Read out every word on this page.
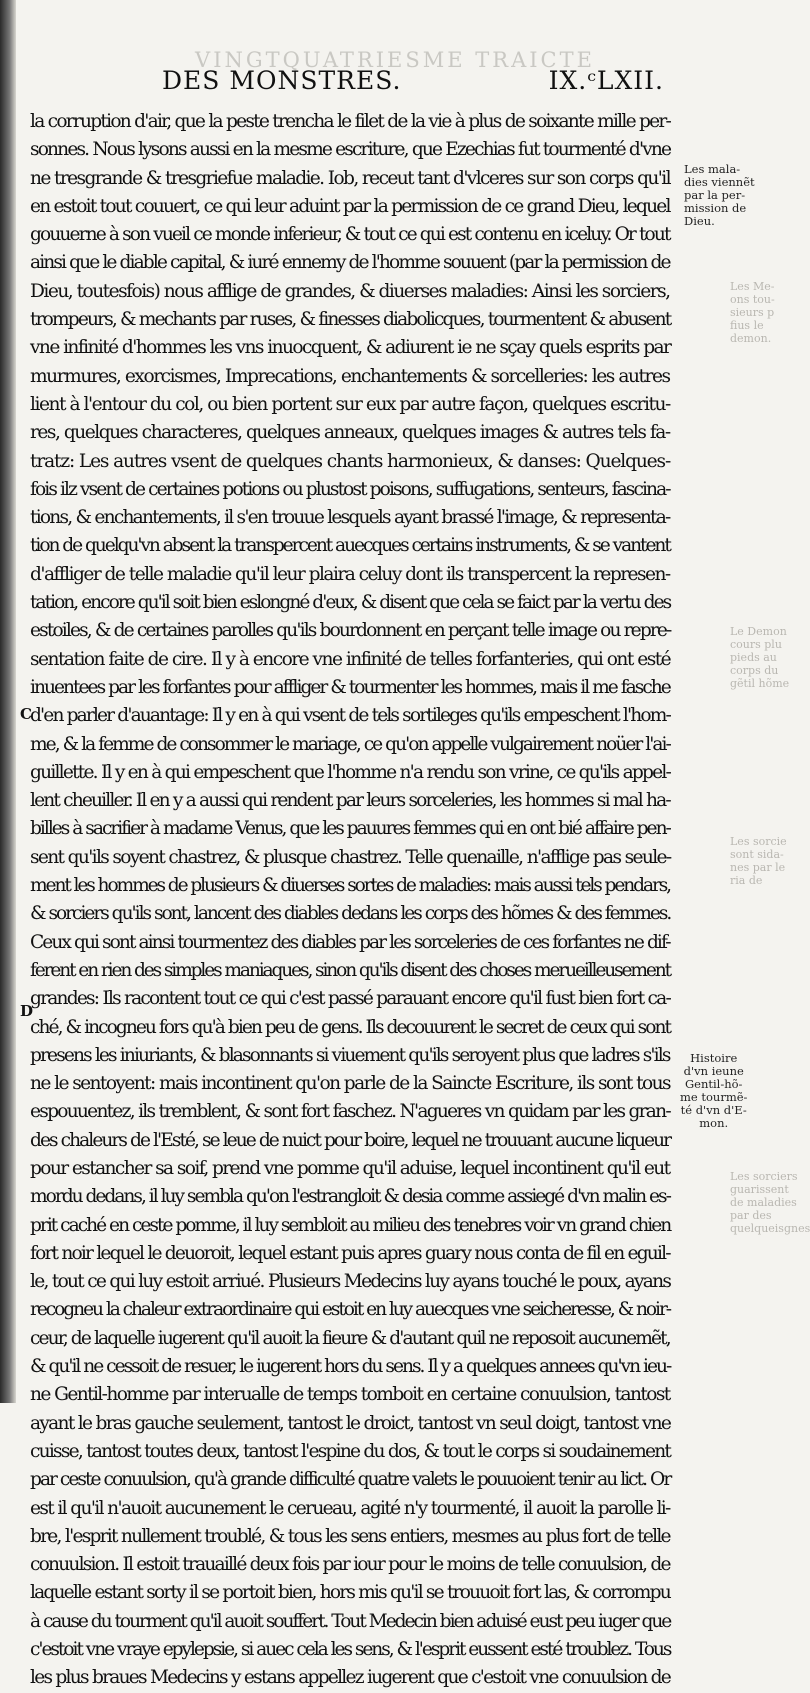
VINGTQUATRIESME TRAICTE
DES MONSTRES.	IX.ᶜLXII.
C
D
la corruption d'air, que la peste trencha le filet de la vie à plus de soixante mille per-
sonnes. Nous lysons aussi en la mesme escriture, que Ezechias fut tourmenté d'vne
ne tresgrande & tresgriefue maladie. Iob, receut tant d'vlceres sur son corps qu'il
en estoit tout couuert, ce qui leur aduint par la permission de ce grand Dieu, lequel
gouuerne à son vueil ce monde inferieur, & tout ce qui est contenu en iceluy. Or tout
ainsi que le diable capital, & iuré ennemy de l'homme souuent (par la permission de
Dieu, toutesfois) nous afflige de grandes, & diuerses maladies: Ainsi les sorciers,
trompeurs, & mechants par ruses, & finesses diabolicques, tourmentent & abusent
vne infinité d'hommes les vns inuocquent, & adiurent ie ne sçay quels esprits par
murmures, exorcismes, Imprecations, enchantements & sorcelleries: les autres
lient à l'entour du col, ou bien portent sur eux par autre façon, quelques escritu-
res, quelques characteres, quelques anneaux, quelques images & autres tels fa-
tratz: Les autres vsent de quelques chants harmonieux, & danses: Quelques-
fois ilz vsent de certaines potions ou plustost poisons, suffugations, senteurs, fascina-
tions, & enchantements, il s'en trouue lesquels ayant brassé l'image, & representa-
tion de quelqu'vn absent la transpercent auecques certains instruments, & se vantent
d'affliger de telle maladie qu'il leur plaira celuy dont ils transpercent la represen-
tation, encore qu'il soit bien eslongné d'eux, & disent que cela se faict par la vertu des
estoiles, & de certaines parolles qu'ils bourdonnent en perçant telle image ou repre-
sentation faite de cire. Il y à encore vne infinité de telles forfanteries, qui ont esté
inuentees par les forfantes pour affliger & tourmenter les hommes, mais il me fasche
d'en parler d'auantage: Il y en à qui vsent de tels sortileges qu'ils empeschent l'hom-
me, & la femme de consommer le mariage, ce qu'on appelle vulgairement noüer l'ai-
guillette. Il y en à qui empeschent que l'homme n'a rendu son vrine, ce qu'ils appel-
lent cheuiller. Il en y a aussi qui rendent par leurs sorceleries, les hommes si mal ha-
billes à sacrifier à madame Venus, que les pauures femmes qui en ont bié affaire pen-
sent qu'ils soyent chastrez, & plusque chastrez. Telle quenaille, n'afflige pas seule-
ment les hommes de plusieurs & diuerses sortes de maladies: mais aussi tels pendars,
& sorciers qu'ils sont, lancent des diables dedans les corps des hõmes & des femmes.
Ceux qui sont ainsi tourmentez des diables par les sorceleries de ces forfantes ne dif-
ferent en rien des simples maniaques, sinon qu'ils disent des choses merueilleusement
grandes: Ils racontent tout ce qui c'est passé parauant encore qu'il fust bien fort ca-
ché, & incogneu fors qu'à bien peu de gens. Ils decouurent le secret de ceux qui sont
presens les iniuriants, & blasonnants si viuement qu'ils seroyent plus que ladres s'ils
ne le sentoyent: mais incontinent qu'on parle de la Saincte Escriture, ils sont tous
espouuentez, ils tremblent, & sont fort faschez. N'agueres vn quidam par les gran-
des chaleurs de l'Esté, se leue de nuict pour boire, lequel ne trouuant aucune liqueur
pour estancher sa soif, prend vne pomme qu'il aduise, lequel incontinent qu'il eut
mordu dedans, il luy sembla qu'on l'estrangloit & desia comme assiegé d'vn malin es-
prit caché en ceste pomme, il luy sembloit au milieu des tenebres voir vn grand chien
fort noir lequel le deuoroit, lequel estant puis apres guary nous conta de fil en eguil-
le, tout ce qui luy estoit arriué. Plusieurs Medecins luy ayans touché le poux, ayans
recogneu la chaleur extraordinaire qui estoit en luy auecques vne seicheresse, & noir-
cеur, de laquelle iugerent qu'il auoit la fieure & d'autant quil ne reposoit aucunemẽt,
& qu'il ne cessoit de resuer, le iugerent hors du sens. Il y a quelques annees qu'vn ieu-
ne Gentil-homme par interualle de temps tomboit en certaine conuulsion, tantost
ayant le bras gauche seulement, tantost le droict, tantost vn seul doigt, tantost vne
cuisse, tantost toutes deux, tantost l'espine du dos, & tout le corps si soudainement
par ceste conuulsion, qu'à grande difficulté quatre valets le pouuoient tenir au lict. Or
est il qu'il n'auoit aucunement le cerueau, agité n'y tourmenté, il auoit la parolle li-
bre, l'esprit nullement troublé, & tous les sens entiers, mesmes au plus fort de telle
conuulsion. Il estoit trauaillé deux fois par iour pour le moins de telle conuulsion, de
laquelle estant sorty il se portoit bien, hors mis qu'il se trouuoit fort las, & corrompu
à cause du tourment qu'il auoit souffert. Tout Medecin bien aduisé eust peu iuger que
c'estoit vne vraye epylepsie, si auec cela les sens, & l'esprit eussent esté troublez. Tous
les plus braues Medecins y estans appellez iugerent que c'estoit vne conuulsion de
Les mala-
dies viennẽt
par la per-
mission de
Dieu.
Histoire
d'vn ieune
Gentil-hõ-
me tourmẽ-
té d'vn d'E-
mon.
Les Me-
ons tou-
sieurs p
fius le
demon.
Le Demon
cours plu
pieds au
corps du
gẽtil hõme
Les sorcie
sont sida-
nes par le
ria de
Les sorciers
guarissent
de maladies
par des
quelqueisgnes
